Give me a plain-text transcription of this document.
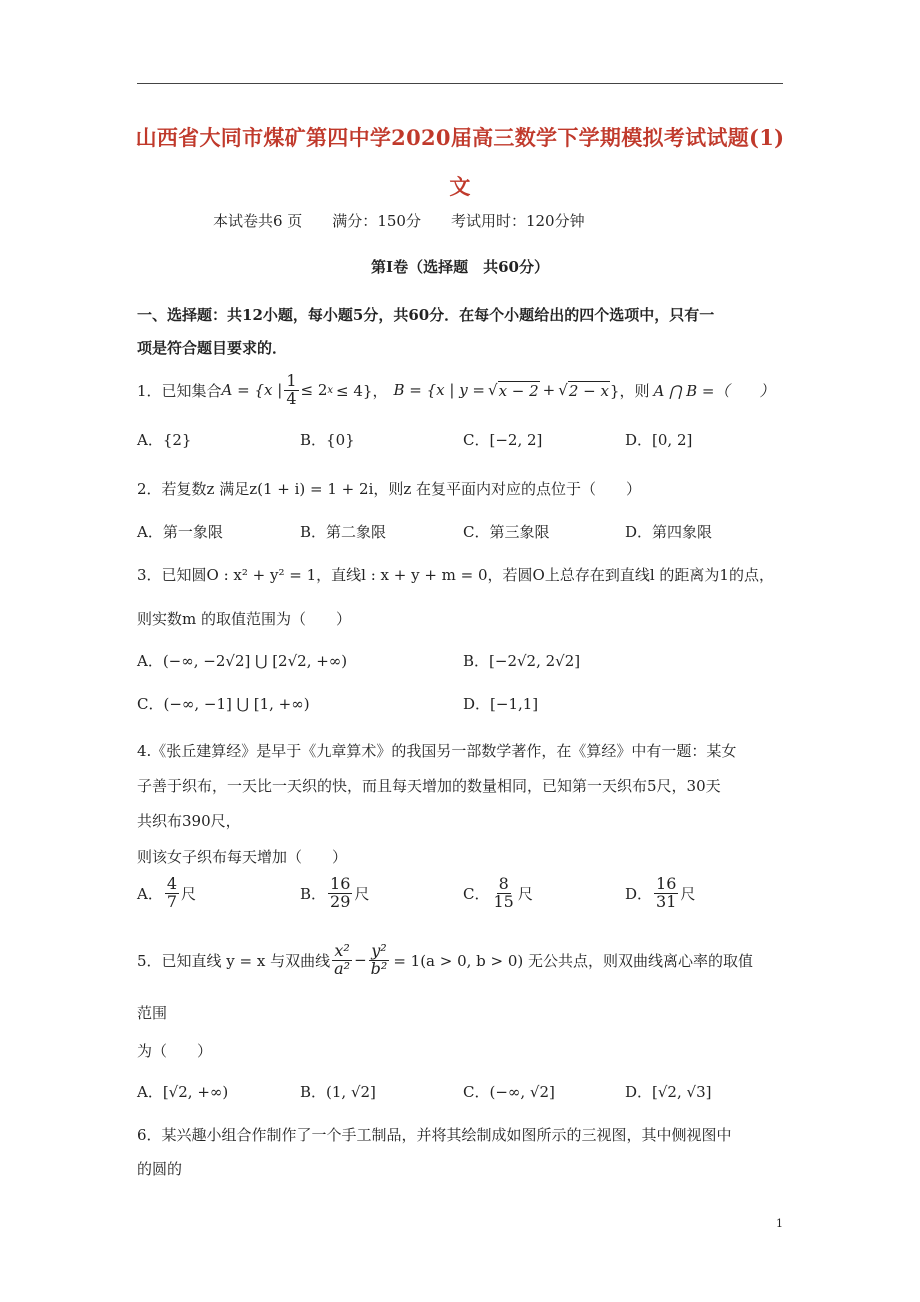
山西省大同市煤矿第四中学2020届高三数学下学期模拟考试试题(1)
文
本试卷共6 页　　满分：150分　　考试用时：120分钟
第Ⅰ卷（选择题　共60分）
一、选择题：共12小题，每小题5分，共60分．在每个小题给出的四个选项中，只有一
项是符合题目要求的．
1．已知集合 A = {x | $\frac{1}{4} \le 2$ x ≤ 4}， B = {x | y = √ x − 2 + √ 2 − x }，则 A ⋂ B =（　　）
A．{2}	B．{0}	C．[−2, 2]	D．[0, 2]
2．若复数z 满足z(1 + i) = 1 + 2i，则z 在复平面内对应的点位于（　　）
A．第一象限	B．第二象限	C．第三象限	D．第四象限
3．已知圆O : x² + y² = 1，直线l : x + y + m = 0，若圆O上总存在到直线l 的距离为1的点，
则实数m 的取值范围为（　　）
A．(−∞, −2√2] ⋃ [2√2, +∞)	B．[−2√2, 2√2]
C．(−∞, −1] ⋃ [1, +∞)	D．[−1,1]
4.《张丘建算经》是早于《九章算术》的我国另一部数学著作，在《算经》中有一题：某女
子善于织布，一天比一天织的快，而且每天增加的数量相同，已知第一天织布5尺，30天
共织布390尺，
则该女子织布每天增加（　　）
A． $\frac{4}{7}$ 尺	B． $\frac{16}{29}$ 尺	C． $\frac{8}{15}$ 尺	D． $\frac{16}{31}$ 尺
5．已知直线 y = x 与双曲线 $\frac{\text{x²}}{\text{a²}} - \frac{\text{y²}}{\text{b²}} = 1(a > 0$, b > 0) 无公共点，则双曲线离心率的取值
范围
为（　　）
A．[√2, +∞)	B．(1, √2]	C．(−∞, √2]	D．[√2, √3]
6．某兴趣小组合作制作了一个手工制品，并将其绘制成如图所示的三视图，其中侧视图中
的圆的
1
